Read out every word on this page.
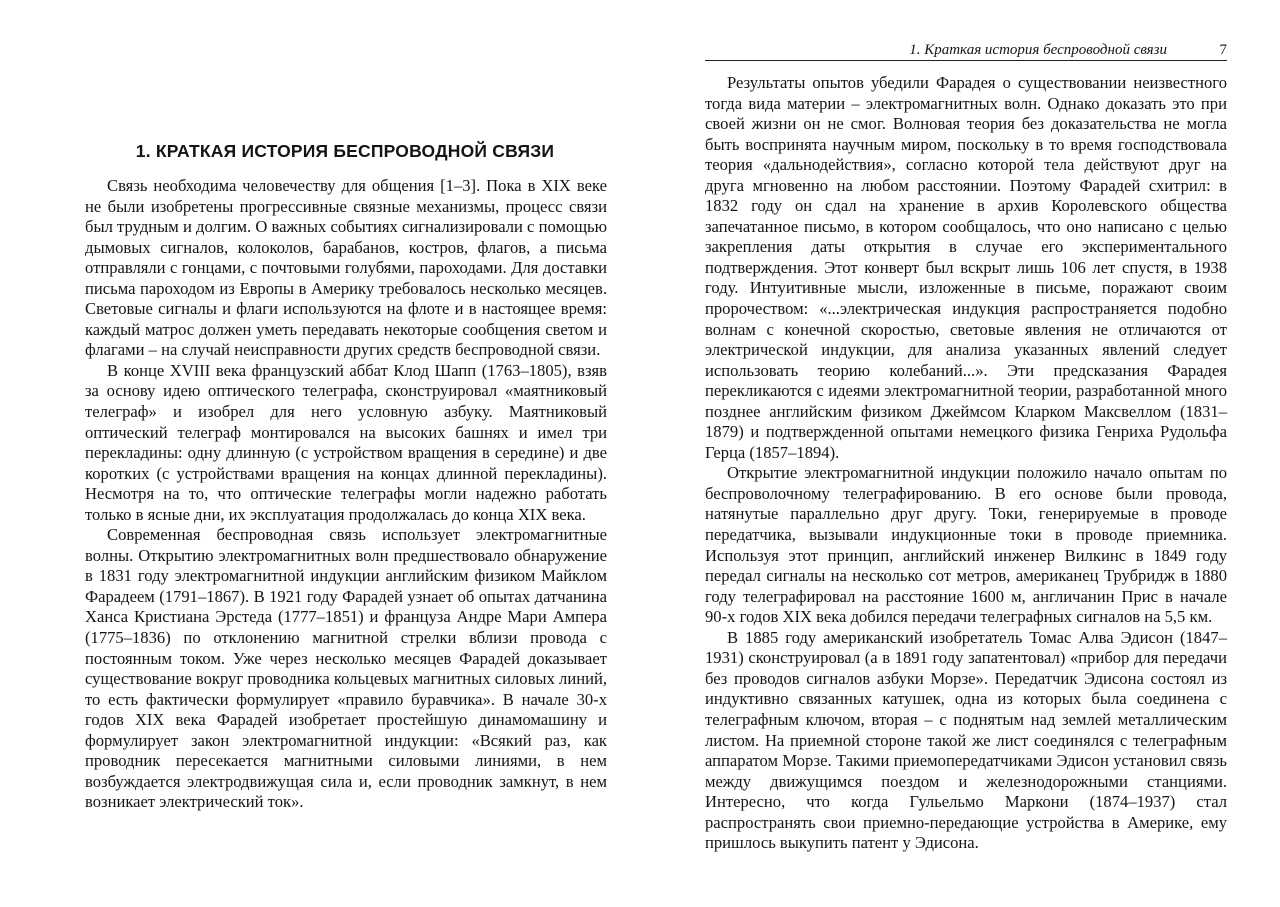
1. КРАТКАЯ ИСТОРИЯ БЕСПРОВОДНОЙ СВЯЗИ

Связь необходима человечеству для общения [1–3]. Пока в XIX веке не были изобретены прогрессивные связные механизмы, процесс связи был трудным и долгим. О важных событиях сигнализировали с помощью дымовых сигналов, колоколов, барабанов, костров, флагов, а письма отправляли с гонцами, с почтовыми голубями, пароходами. Для доставки письма пароходом из Европы в Америку требовалось несколько месяцев. Световые сигналы и флаги используются на флоте и в настоящее время: каждый матрос должен уметь передавать некоторые сообщения светом и флагами – на случай неисправности других средств беспроводной связи.

В конце XVIII века французский аббат Клод Шапп (1763–1805), взяв за основу идею оптического телеграфа, сконструировал «маятниковый телеграф» и изобрел для него условную азбуку. Маятниковый оптический телеграф монтировался на высоких башнях и имел три перекладины: одну длинную (с устройством вращения в середине) и две коротких (с устройствами вращения на концах длинной перекладины). Несмотря на то, что оптические телеграфы могли надежно работать только в ясные дни, их эксплуатация продолжалась до конца XIX века.

Современная беспроводная связь использует электромагнитные волны. Открытию электромагнитных волн предшествовало обнаружение в 1831 году электромагнитной индукции английским физиком Майклом Фарадеем (1791–1867). В 1921 году Фарадей узнает об опытах датчанина Ханса Кристиана Эрстеда (1777–1851) и француза Андре Мари Ампера (1775–1836) по отклонению магнитной стрелки вблизи провода с постоянным током. Уже через несколько месяцев Фарадей доказывает существование вокруг проводника кольцевых магнитных силовых линий, то есть фактически формулирует «правило буравчика». В начале 30-х годов XIX века Фарадей изобретает простейшую динамомашину и формулирует закон электромагнитной индукции: «Всякий раз, как проводник пересекается магнитными силовыми линиями, в нем возбуждается электродвижущая сила и, если проводник замкнут, в нем возникает электрический ток».

1. Краткая история беспроводной связи	7

Результаты опытов убедили Фарадея о существовании неизвестного тогда вида материи – электромагнитных волн. Однако доказать это при своей жизни он не смог. Волновая теория без доказательства не могла быть воспринята научным миром, поскольку в то время господствовала теория «дальнодействия», согласно которой тела действуют друг на друга мгновенно на любом расстоянии. Поэтому Фарадей схитрил: в 1832 году он сдал на хранение в архив Королевского общества запечатанное письмо, в котором сообщалось, что оно написано с целью закрепления даты открытия в случае его экспериментального подтверждения. Этот конверт был вскрыт лишь 106 лет спустя, в 1938 году. Интуитивные мысли, изложенные в письме, поражают своим пророчеством: «...электрическая индукция распространяется подобно волнам с конечной скоростью, световые явления не отличаются от электрической индукции, для анализа указанных явлений следует использовать теорию колебаний...». Эти предсказания Фарадея перекликаются с идеями электромагнитной теории, разработанной много позднее английским физиком Джеймсом Кларком Максвеллом (1831–1879) и подтвержденной опытами немецкого физика Генриха Рудольфа Герца (1857–1894).

Открытие электромагнитной индукции положило начало опытам по беспроволочному телеграфированию. В его основе были провода, натянутые параллельно друг другу. Токи, генерируемые в проводе передатчика, вызывали индукционные токи в проводе приемника. Используя этот принцип, английский инженер Вилкинс в 1849 году передал сигналы на несколько сот метров, американец Трубридж в 1880 году телеграфировал на расстояние 1600 м, англичанин Прис в начале 90-х годов XIX века добился передачи телеграфных сигналов на 5,5 км.

В 1885 году американский изобретатель Томас Алва Эдисон (1847–1931) сконструировал (а в 1891 году запатентовал) «прибор для передачи без проводов сигналов азбуки Морзе». Передатчик Эдисона состоял из индуктивно связанных катушек, одна из которых была соединена с телеграфным ключом, вторая – с поднятым над землей металлическим листом. На приемной стороне такой же лист соединялся с телеграфным аппаратом Морзе. Такими приемопередатчиками Эдисон установил связь между движущимся поездом и железнодорожными станциями. Интересно, что когда Гульельмо Маркони (1874–1937) стал распространять свои приемно-передающие устройства в Америке, ему пришлось выкупить патент у Эдисона.
